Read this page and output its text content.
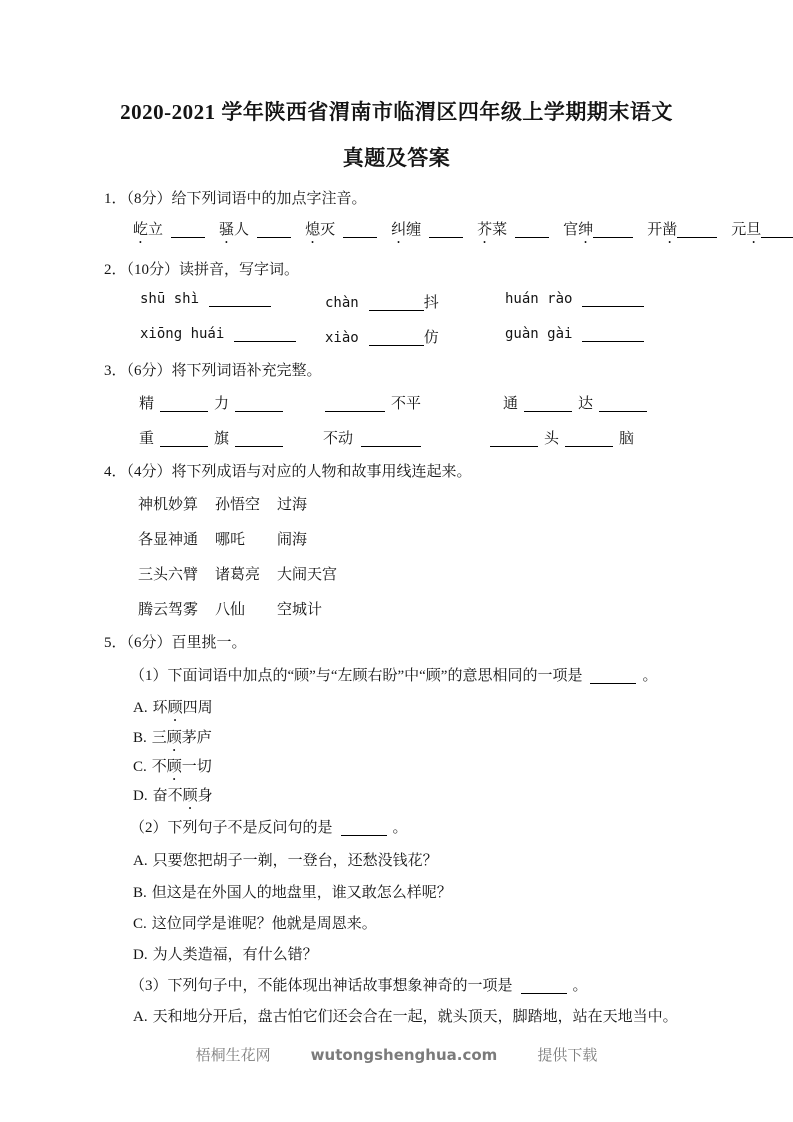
2020-2021 学年陕西省渭南市临渭区四年级上学期期末语文
真题及答案
1．（8分）给下列词语中的加点字注音。
屹立	骚人	熄灭	纠缠	芥菜	官绅	开凿	元旦
2．（10分）读拼音，写字词。
shū shì	chàn	抖	huán rào
xiōng huái	xiào	仿	guàn gài
3．（6分）将下列词语补充完整。
精	力	不平	通	达
重	旗	不动	头	脑
4．（4分）将下列成语与对应的人物和故事用线连起来。
神机妙算 孙悟空 过海
各显神通 哪吒 闹海
三头六臂 诸葛亮 大闹天宫
腾云驾雾 八仙 空城计
5．（6分）百里挑一。
（1）下面词语中加点的“顾”与“左顾右盼”中“顾”的意思相同的一项是	。
A. 环顾四周
B. 三顾茅庐
C. 不顾一切
D. 奋不顾身
（2）下列句子不是反问句的是	。
A. 只要您把胡子一剃，一登台，还愁没钱花？
B. 但这是在外国人的地盘里，谁又敢怎么样呢？
C. 这位同学是谁呢？他就是周恩来。
D. 为人类造福，有什么错？
（3）下列句子中，不能体现出神话故事想象神奇的一项是	。
A. 天和地分开后，盘古怕它们还会合在一起，就头顶天，脚踏地，站在天地当中。
梧桐生花网	wutongshenghua.com	提供下载
